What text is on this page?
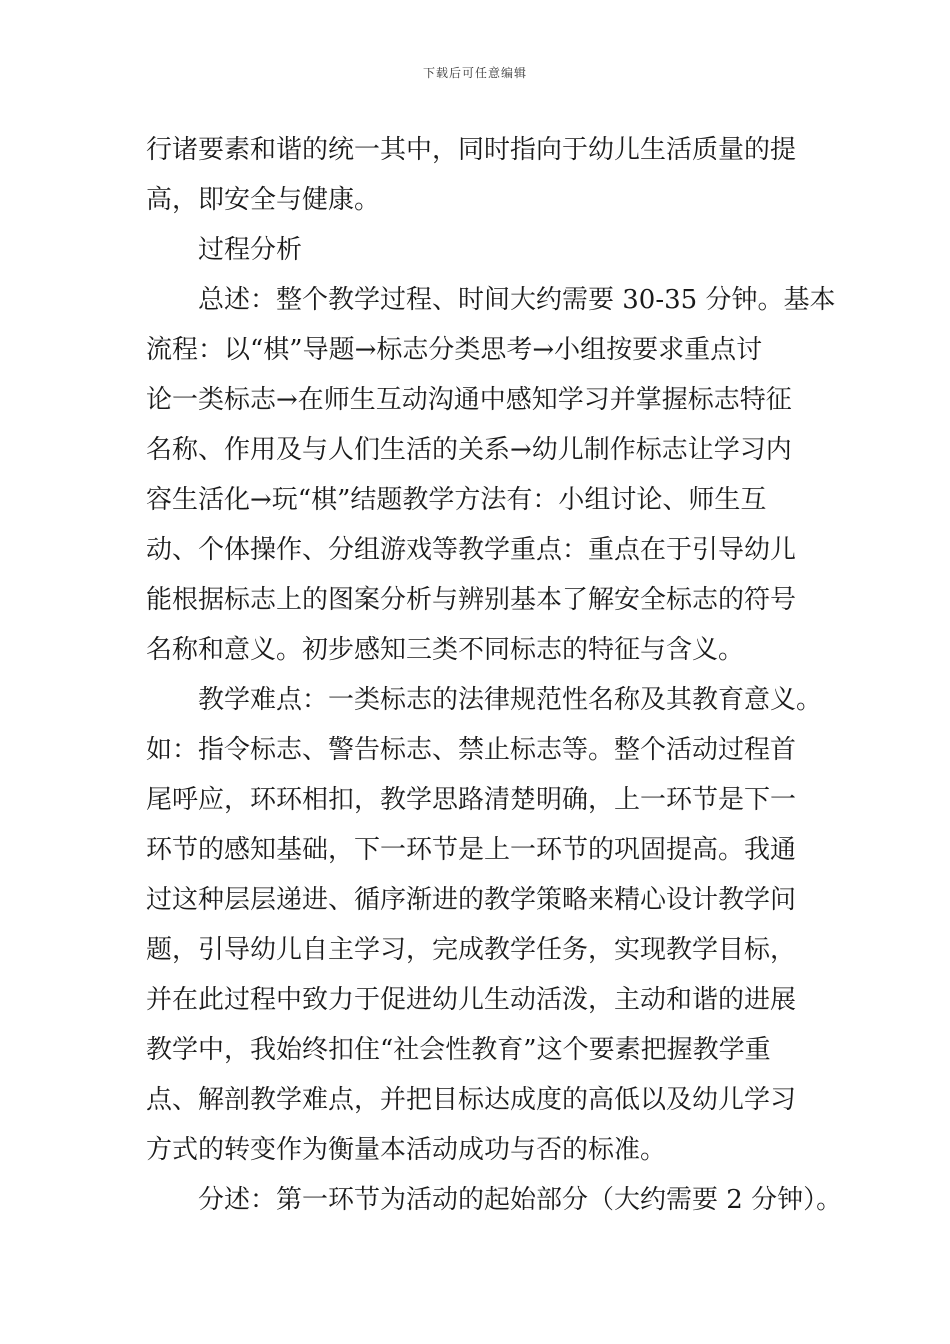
下载后可任意编辑
行诸要素和谐的统一其中，同时指向于幼儿生活质量的提
高，即安全与健康。
过程分析
总述：整个教学过程、时间大约需要 30-35 分钟。基本
流程：以“棋”导题→标志分类思考→小组按要求重点讨
论一类标志→在师生互动沟通中感知学习并掌握标志特征
名称、作用及与人们生活的关系→幼儿制作标志让学习内
容生活化→玩“棋”结题教学方法有：小组讨论、师生互
动、个体操作、分组游戏等教学重点：重点在于引导幼儿
能根据标志上的图案分析与辨别基本了解安全标志的符号
名称和意义。初步感知三类不同标志的特征与含义。
教学难点：一类标志的法律规范性名称及其教育意义。
如：指令标志、警告标志、禁止标志等。整个活动过程首
尾呼应，环环相扣，教学思路清楚明确，上一环节是下一
环节的感知基础，下一环节是上一环节的巩固提高。我通
过这种层层递进、循序渐进的教学策略来精心设计教学问
题，引导幼儿自主学习，完成教学任务，实现教学目标，
并在此过程中致力于促进幼儿生动活泼，主动和谐的进展
教学中，我始终扣住“社会性教育”这个要素把握教学重
点、解剖教学难点，并把目标达成度的高低以及幼儿学习
方式的转变作为衡量本活动成功与否的标准。
分述：第一环节为活动的起始部分（大约需要 2 分钟）。
